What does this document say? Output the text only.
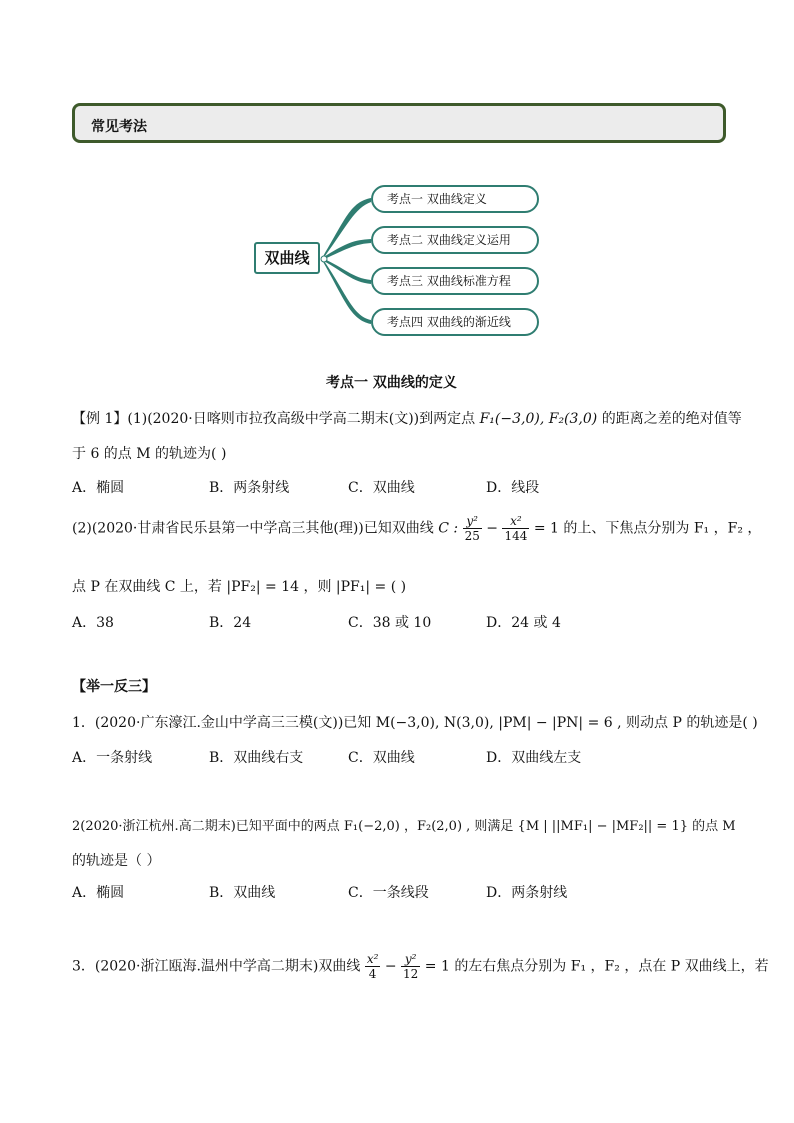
常见考法
双曲线
考点一 双曲线定义
考点二 双曲线定义运用
考点三 双曲线标准方程
考点四 双曲线的渐近线
考点一 双曲线的定义
【例 1】(1)(2020·日喀则市拉孜高级中学高二期末(文))到两定点 F₁(−3,0), F₂(3,0) 的距离之差的绝对值等
于 6 的点 M 的轨迹为( )
A．椭圆	B．两条射线	C．双曲线	D．线段
(2)(2020·甘肃省民乐县第一中学高三其他(理))已知双曲线 C : $\frac{\text{y²}}{25} - \frac{\text{x²}}{144} = 1$ 的上、下焦点分别为 F₁ ，F₂ ，
点 P 在双曲线 C 上，若 |PF₂| = 14 ，则 |PF₁| = ( )
A．38	B．24	C．38 或 10	D．24 或 4
【举一反三】
1．(2020·广东濠江.金山中学高三三模(文))已知 M(−3,0), N(3,0), |PM| − |PN| = 6 , 则动点 P 的轨迹是( )
A．一条射线	B．双曲线右支	C．双曲线	D．双曲线左支
2(2020·浙江杭州.高二期末)已知平面中的两点 F₁(−2,0) ，F₂(2,0) , 则满足 {M | ||MF₁| − |MF₂|| = 1} 的点 M
的轨迹是（ ）
A．椭圆	B．双曲线	C．一条线段	D．两条射线
3．(2020·浙江瓯海.温州中学高二期末)双曲线 $\frac{\text{x²}}{4} - \frac{\text{y²}}{12} = 1$ 的左右焦点分别为 F₁ ，F₂ ，点在 P 双曲线上，若
